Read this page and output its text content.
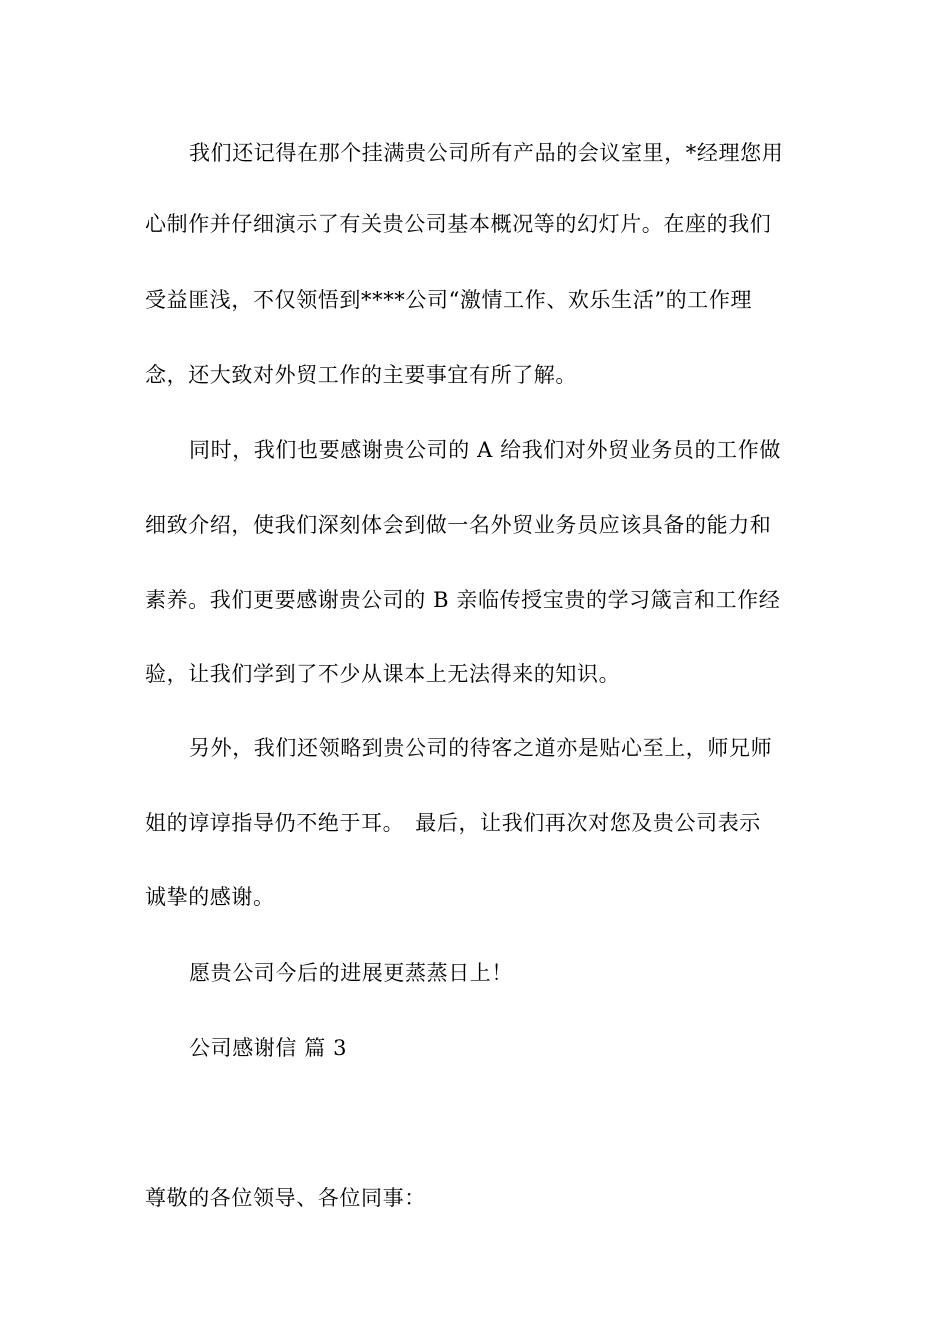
我们还记得在那个挂满贵公司所有产品的会议室里，*经理您用
心制作并仔细演示了有关贵公司基本概况等的幻灯片。在座的我们
受益匪浅，不仅领悟到****公司“激情工作、欢乐生活”的工作理
念，还大致对外贸工作的主要事宜有所了解。
同时，我们也要感谢贵公司的 A 给我们对外贸业务员的工作做
细致介绍，使我们深刻体会到做一名外贸业务员应该具备的能力和
素养。我们更要感谢贵公司的 B 亲临传授宝贵的学习箴言和工作经
验，让我们学到了不少从课本上无法得来的知识。
另外，我们还领略到贵公司的待客之道亦是贴心至上，师兄师
姐的谆谆指导仍不绝于耳。　最后，让我们再次对您及贵公司表示
诚挚的感谢。
愿贵公司今后的进展更蒸蒸日上！
公司感谢信 篇 3
尊敬的各位领导、各位同事：
